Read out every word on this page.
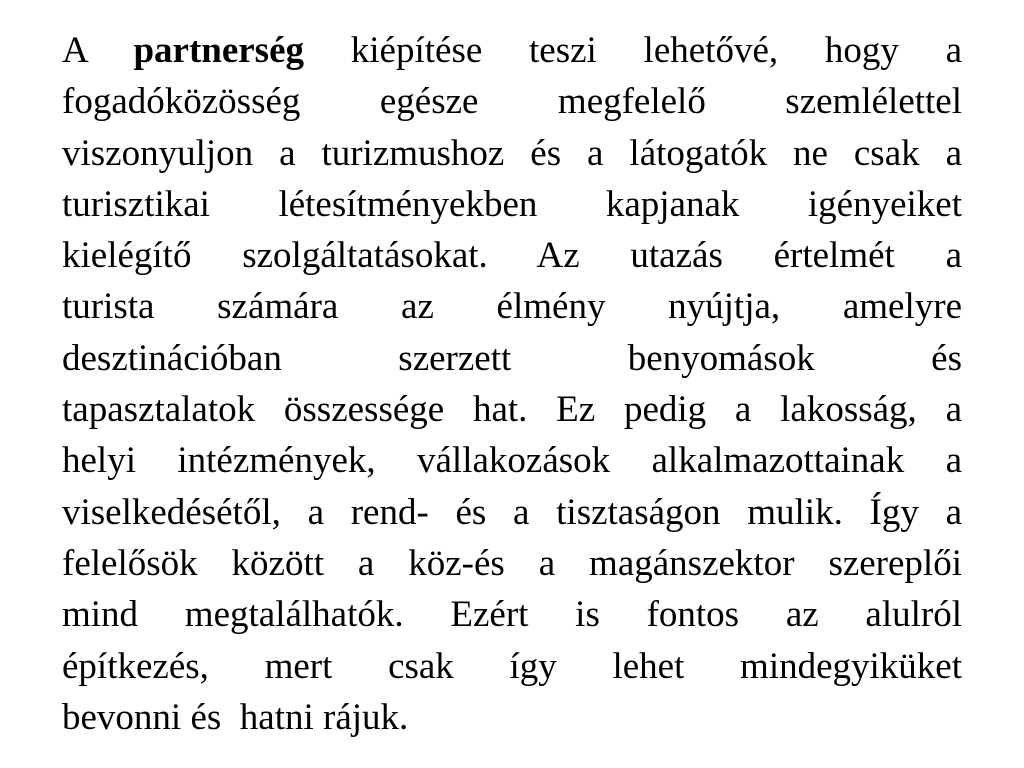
A partnerség kiépítése teszi lehetővé, hogy a
fogadóközösség egésze megfelelő szemlélettel
viszonyuljon a turizmushoz és a látogatók ne csak a
turisztikai létesítményekben kapjanak igényeiket
kielégítő szolgáltatásokat. Az utazás értelmét a
turista számára az élmény nyújtja, amelyre
desztinációban szerzett benyomások és
tapasztalatok összessége hat. Ez pedig a lakosság, a
helyi intézmények, vállakozások alkalmazottainak a
viselkedésétől, a rend- és a tisztaságon mulik. Így a
felelősök között a köz-és a magánszektor szereplői
mind megtalálhatók. Ezért is fontos az alulról
építkezés, mert csak így lehet mindegyiküket
bevonni és  hatni rájuk.
